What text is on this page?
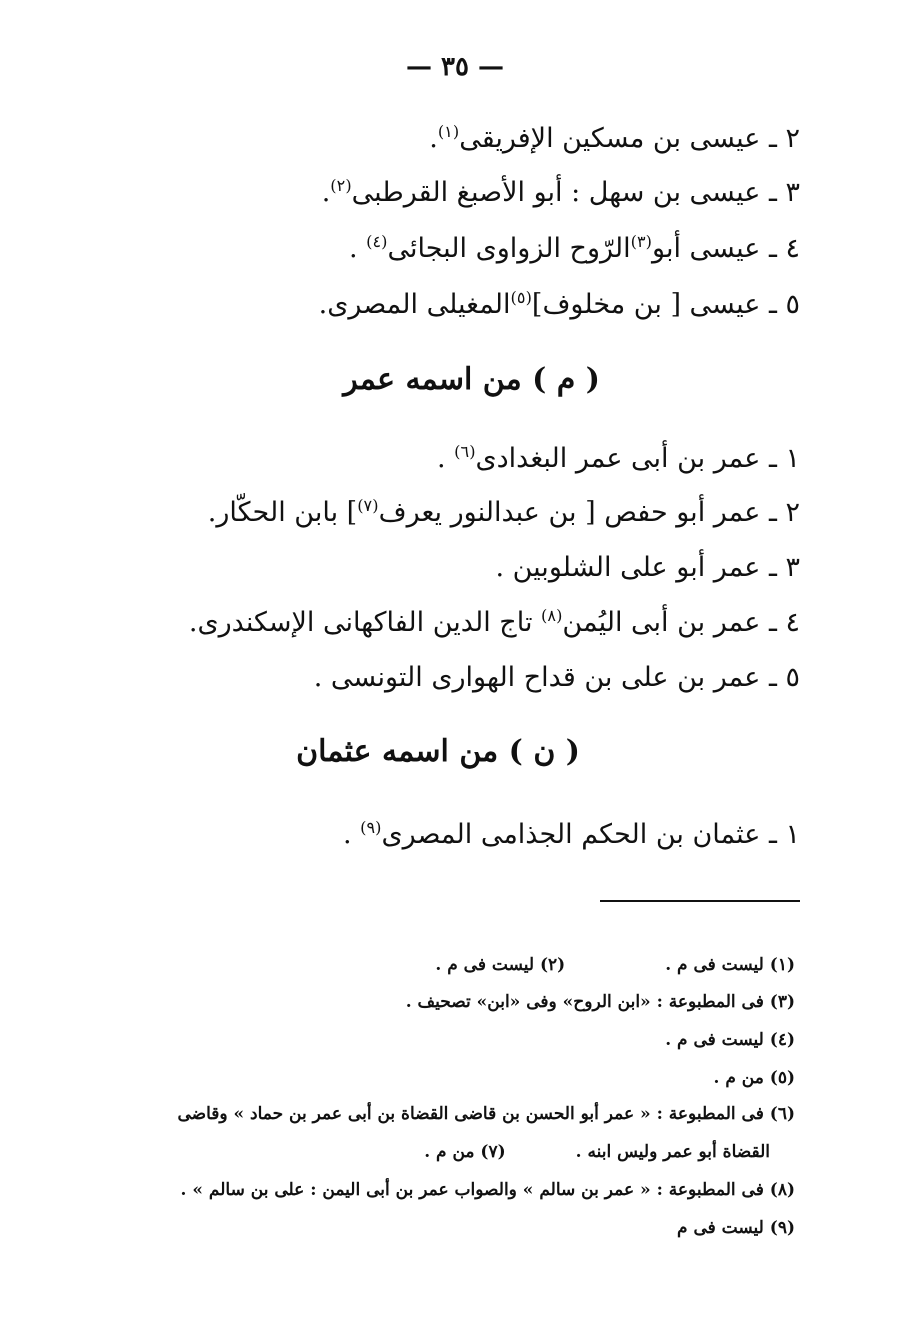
— ٣٥ —
٢ ـ عيسى بن مسكين الإفريقى$^{(١)}$.
٣ ـ عيسى بن سهل : أبو الأصبغ القرطبى$^{(٢)}$.
٤ ـ عيسى أبو$^{(٣)}$الرّوح الزواوى البجائى$^{(٤)}$ .
٥ ـ عيسى [ بن مخلوف]$^{(٥)}$المغيلى المصرى.
( م ) من اسمه عمر
١ ـ عمر بن أبى عمر البغدادى$^{(٦)}$ .
٢ ـ عمر أبو حفص [ بن عبدالنور يعرف$^{(٧)}$] بابن الحكّار.
٣ ـ عمر أبو على الشلوبين .
٤ ـ عمر بن أبى اليُمن$^{(٨)}$ تاج الدين الفاكهانى الإسكندرى.
٥ ـ عمر بن على بن قداح الهوارى التونسى .
( ن ) من اسمه عثمان
١ ـ عثمان بن الحكم الجذامى المصرى$^{(٩)}$ .
(١) ليست فى م .(٢) ليست فى م .
(٣) فى المطبوعة : «ابن الروح» وفى «ابن» تصحيف .
(٤) ليست فى م .
(٥) من م .
(٦) فى المطبوعة : « عمر أبو الحسن بن قاضى القضاة بن أبى عمر بن حماد » وقاضى
القضاة أبو عمر وليس ابنه .(٧) من م .
(٨) فى المطبوعة : « عمر بن سالم » والصواب عمر بن أبى اليمن : على بن سالم » .
(٩) ليست فى م
